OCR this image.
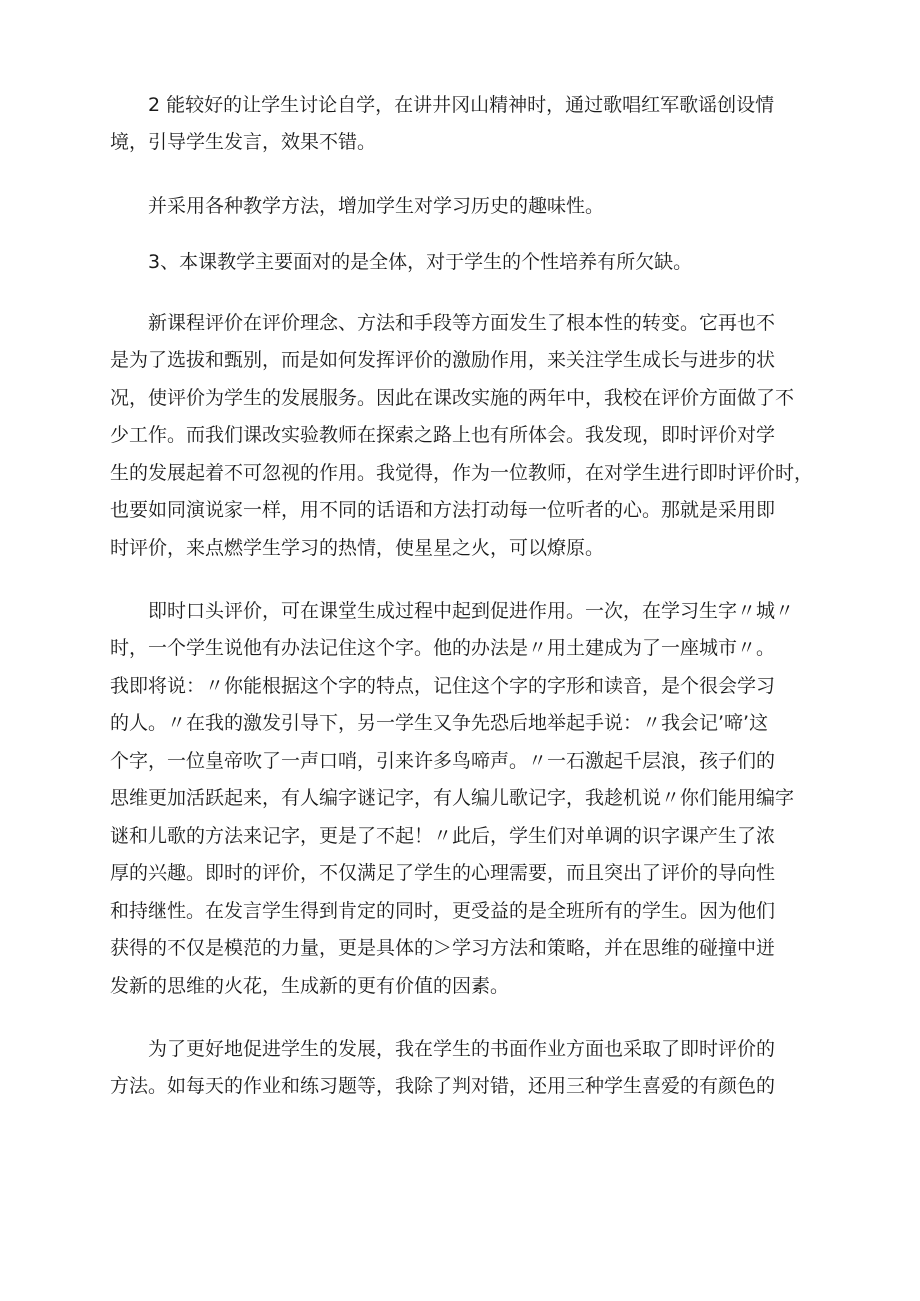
2 能较好的让学生讨论自学，在讲井冈山精神时，通过歌唱红军歌谣创设情

境，引导学生发言，效果不错。

并采用各种教学方法，增加学生对学习历史的趣味性。

3、本课教学主要面对的是全体，对于学生的个性培养有所欠缺。

新课程评价在评价理念、方法和手段等方面发生了根本性的转变。它再也不

是为了选拔和甄别，而是如何发挥评价的激励作用，来关注学生成长与进步的状

况，使评价为学生的发展服务。因此在课改实施的两年中，我校在评价方面做了不

少工作。而我们课改实验教师在探索之路上也有所体会。我发现，即时评价对学

生的发展起着不可忽视的作用。我觉得，作为一位教师，在对学生进行即时评价时，

也要如同演说家一样，用不同的话语和方法打动每一位听者的心。那就是采用即

时评价，来点燃学生学习的热情，使星星之火，可以燎原。

即时口头评价，可在课堂生成过程中起到促进作用。一次，在学习生字〃城〃

时，一个学生说他有办法记住这个字。他的办法是〃用土建成为了一座城市〃。

我即将说：〃你能根据这个字的特点，记住这个字的字形和读音，是个很会学习

的人。〃在我的激发引导下，另一学生又争先恐后地举起手说：〃我会记’啼’这

个字，一位皇帝吹了一声口哨，引来许多鸟啼声。〃一石激起千层浪，孩子们的

思维更加活跃起来，有人编字谜记字，有人编儿歌记字，我趁机说〃你们能用编字

谜和儿歌的方法来记字，更是了不起！〃此后，学生们对单调的识字课产生了浓

厚的兴趣。即时的评价，不仅满足了学生的心理需要，而且突出了评价的导向性

和持继性。在发言学生得到肯定的同时，更受益的是全班所有的学生。因为他们

获得的不仅是模范的力量，更是具体的＞学习方法和策略，并在思维的碰撞中迸

发新的思维的火花，生成新的更有价值的因素。

为了更好地促进学生的发展，我在学生的书面作业方面也采取了即时评价的

方法。如每天的作业和练习题等，我除了判对错，还用三种学生喜爱的有颜色的
